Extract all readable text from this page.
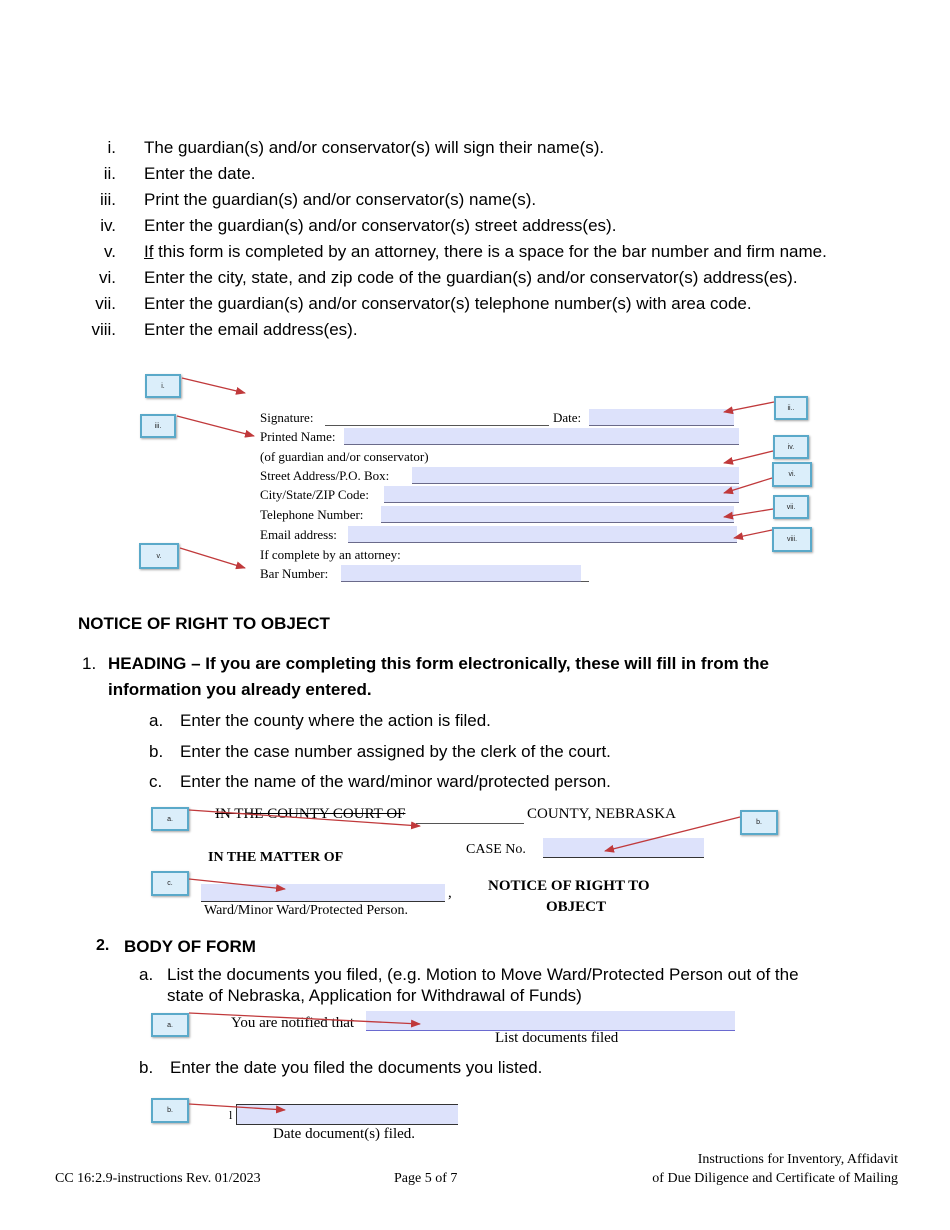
i. The guardian(s) and/or conservator(s) will sign their name(s).
ii. Enter the date.
iii. Print the guardian(s) and/or conservator(s) name(s).
iv. Enter the guardian(s) and/or conservator(s) street address(es).
v. If this form is completed by an attorney, there is a space for the bar number and firm name.
vi. Enter the city, state, and zip code of the guardian(s) and/or conservator(s) address(es).
vii. Enter the guardian(s) and/or conservator(s) telephone number(s) with area code.
viii. Enter the email address(es).
Signature:	Date:
Printed Name:
(of guardian and/or conservator)
Street Address/P.O. Box:
City/State/ZIP Code:
Telephone Number:
Email address:
If complete by an attorney:
Bar Number:
i.
iii.
v.
ii..
iv.
vi.
vii.
viii.
NOTICE OF RIGHT TO OBJECT
1. HEADING – If you are completing this form electronically, these will fill in from the
information you already entered.
a. Enter the county where the action is filed.
b. Enter the case number assigned by the clerk of the court.
c. Enter the name of the ward/minor ward/protected person.
IN THE COUNTY COURT OF	COUNTY, NEBRASKA
IN THE MATTER OF
CASE No.
,
Ward/Minor Ward/Protected Person.
NOTICE OF RIGHT TO
OBJECT
a.	b.
c.
2. BODY OF FORM
a. List the documents you filed, (e.g. Motion to Move Ward/Protected Person out of the
state of Nebraska, Application for Withdrawal of Funds)
a.	You are notified that
List documents filed
b. Enter the date you filed the documents you listed.
b.	l
Date document(s) filed.
CC 16:2.9-instructions Rev. 01/2023	Page 5 of 7
Instructions for Inventory, Affidavit
of Due Diligence and Certificate of Mailing
